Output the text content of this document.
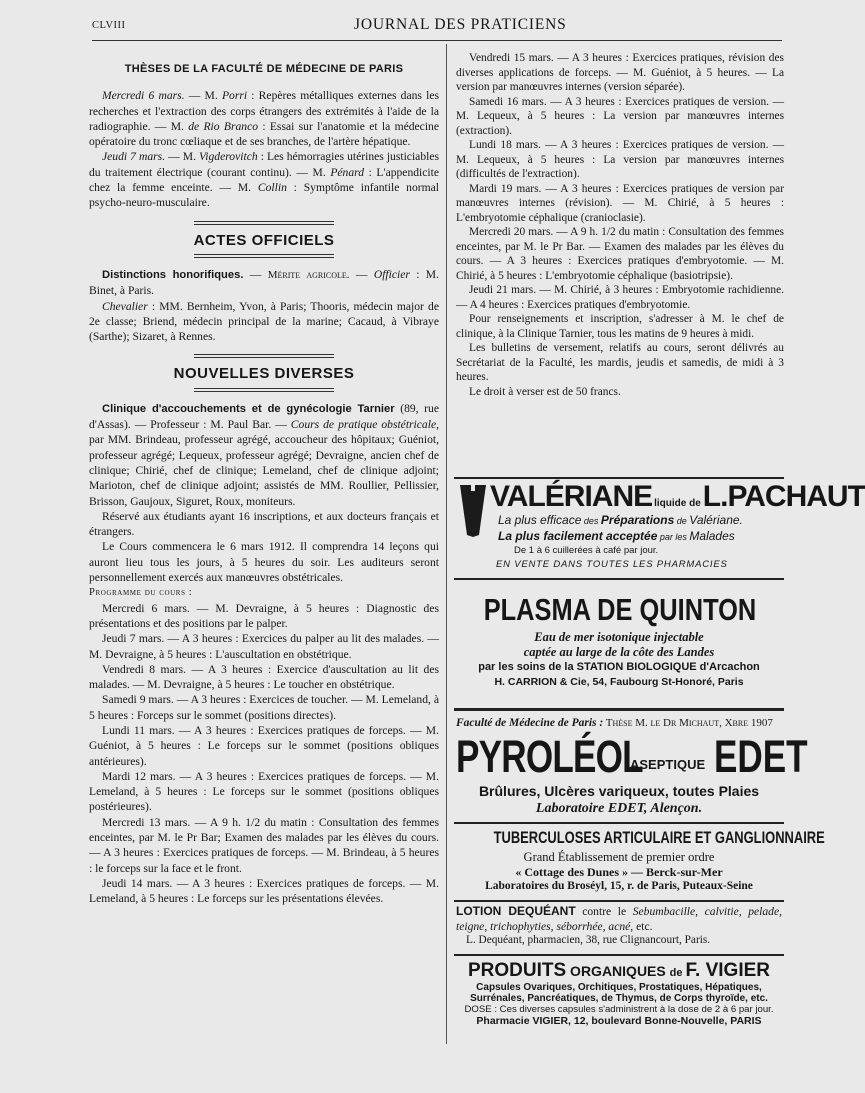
CLVIII	JOURNAL DES PRATICIENS
THÈSES DE LA FACULTÉ DE MÉDECINE DE PARIS

Mercredi 6 mars. — M. Porri : Repères métalliques externes dans les recherches et l'extraction des corps étrangers des extrémités à l'aide de la radiographie. — M. de Rio Branco : Essai sur l'anatomie et la médecine opératoire du tronc cœliaque et de ses branches, de l'artère hépatique.

Jeudi 7 mars. — M. Vigderovitch : Les hémorragies utérines justiciables du traitement électrique (courant continu). — M. Pénard : L'appendicite chez la femme enceinte. — M. Collin : Symptôme infantile normal psycho-neuro-musculaire.

ACTES OFFICIELS

Distinctions honorifiques. — Mérite agricole. — Officier : M. Binet, à Paris.

Chevalier : MM. Bernheim, Yvon, à Paris; Thooris, médecin major de 2e classe; Briend, médecin principal de la marine; Cacaud, à Vibraye (Sarthe); Sizaret, à Rennes.

NOUVELLES DIVERSES

Clinique d'accouchements et de gynécologie Tarnier (89, rue d'Assas). — Professeur : M. Paul Bar. — Cours de pratique obstétricale, par MM. Brindeau, professeur agrégé, accoucheur des hôpitaux; Guéniot, professeur agrégé; Lequeux, professeur agrégé; Devraigne, ancien chef de clinique; Chirié, chef de clinique; Lemeland, chef de clinique adjoint; Marioton, chef de clinique adjoint; assistés de MM. Roullier, Pellissier, Brisson, Gaujoux, Siguret, Roux, moniteurs.

Réservé aux étudiants ayant 16 inscriptions, et aux docteurs français et étrangers.

Le Cours commencera le 6 mars 1912. Il comprendra 14 leçons qui auront lieu tous les jours, à 5 heures du soir. Les auditeurs seront personnellement exercés aux manœuvres obstétricales.

Programme du cours :

Mercredi 6 mars. — M. Devraigne, à 5 heures : Diagnostic des présentations et des positions par le palper.

Jeudi 7 mars. — A 3 heures : Exercices du palper au lit des malades. — M. Devraigne, à 5 heures : L'auscultation en obstétrique.

Vendredi 8 mars. — A 3 heures : Exercice d'auscultation au lit des malades. — M. Devraigne, à 5 heures : Le toucher en obstétrique.

Samedi 9 mars. — A 3 heures : Exercices de toucher. — M. Lemeland, à 5 heures : Forceps sur le sommet (positions directes).

Lundi 11 mars. — A 3 heures : Exercices pratiques de forceps. — M. Guéniot, à 5 heures : Le forceps sur le sommet (positions obliques antérieures).

Mardi 12 mars. — A 3 heures : Exercices pratiques de forceps. — M. Lemeland, à 5 heures : Le forceps sur le sommet (positions obliques postérieures).

Mercredi 13 mars. — A 9 h. 1/2 du matin : Consultation des femmes enceintes, par M. le Pr Bar; Examen des malades par les élèves du cours. — A 3 heures : Exercices pratiques de forceps. — M. Brindeau, à 5 heures : le forceps sur la face et le front.

Jeudi 14 mars. — A 3 heures : Exercices pratiques de forceps. — M. Lemeland, à 5 heures : Le forceps sur les présentations élevées.

Vendredi 15 mars. — A 3 heures : Exercices pratiques, révision des diverses applications de forceps. — M. Guéniot, à 5 heures. — La version par manœuvres internes (version séparée).

Samedi 16 mars. — A 3 heures : Exercices pratiques de version. — M. Lequeux, à 5 heures : La version par manœuvres internes (extraction).

Lundi 18 mars. — A 3 heures : Exercices pratiques de version. — M. Lequeux, à 5 heures : La version par manœuvres internes (difficultés de l'extraction).

Mardi 19 mars. — A 3 heures : Exercices pratiques de version par manœuvres internes (révision). — M. Chirié, à 5 heures : L'embryotomie céphalique (cranioclasie).

Mercredi 20 mars. — A 9 h. 1/2 du matin : Consultation des femmes enceintes, par M. le Pr Bar. — Examen des malades par les élèves du cours. — A 3 heures : Exercices pratiques d'embryotomie. — M. Chirié, à 5 heures : L'embryotomie céphalique (basiotripsie).

Jeudi 21 mars. — M. Chirié, à 3 heures : Embryotomie rachidienne. — A 4 heures : Exercices pratiques d'embryotomie.

Pour renseignements et inscription, s'adresser à M. le chef de clinique, à la Clinique Tarnier, tous les matins de 9 heures à midi.

Les bulletins de versement, relatifs au cours, seront délivrés au Secrétariat de la Faculté, les mardis, jeudis et samedis, de midi à 3 heures.

Le droit à verser est de 50 francs.

VALÉRIANE liquide deL.PACHAUT
La plus efficace des Préparations de Valériane.
La plus facilement acceptée par les Malades
De 1 à 6 cuillerées à café par jour.
EN VENTE DANS TOUTES LES PHARMACIES
PLASMA DE QUINTON
Eau de mer isotonique injectable
captée au large de la côte des Landes
par les soins de la STATION BIOLOGIQUE d'Arcachon
H. CARRION & Cie, 54, Faubourg St-Honoré, Paris
Faculté de Médecine de Paris : Thèse M. le Dr Michaut, Xbre 1907
PYROLÉOL
ASEPTIQUE EDET
Brûlures, Ulcères variqueux, toutes Plaies
Laboratoire EDET, Alençon.
TUBERCULOSES ARTICULAIRE ET GANGLIONNAIRE
Grand Établissement de premier ordre
« Cottage des Dunes » — Berck-sur-Mer
Laboratoires du Broséyl, 15, r. de Paris, Puteaux-Seine
LOTION DEQUÉANT contre le Sebumbacille, calvitie, pelade, teigne, trichophyties, séborrhée, acné, etc.
L. Dequéant, pharmacien, 38, rue Clignancourt, Paris.
PRODUITS ORGANIQUES de F. VIGIER
Capsules Ovariques, Orchitiques, Prostatiques, Hépatiques,
Surrénales, Pancréatiques, de Thymus, de Corps thyroïde, etc.
DOSE : Ces diverses capsules s'administrent à la dose de 2 à 6 par jour.
Pharmacie VIGIER, 12, boulevard Bonne-Nouvelle, PARIS
